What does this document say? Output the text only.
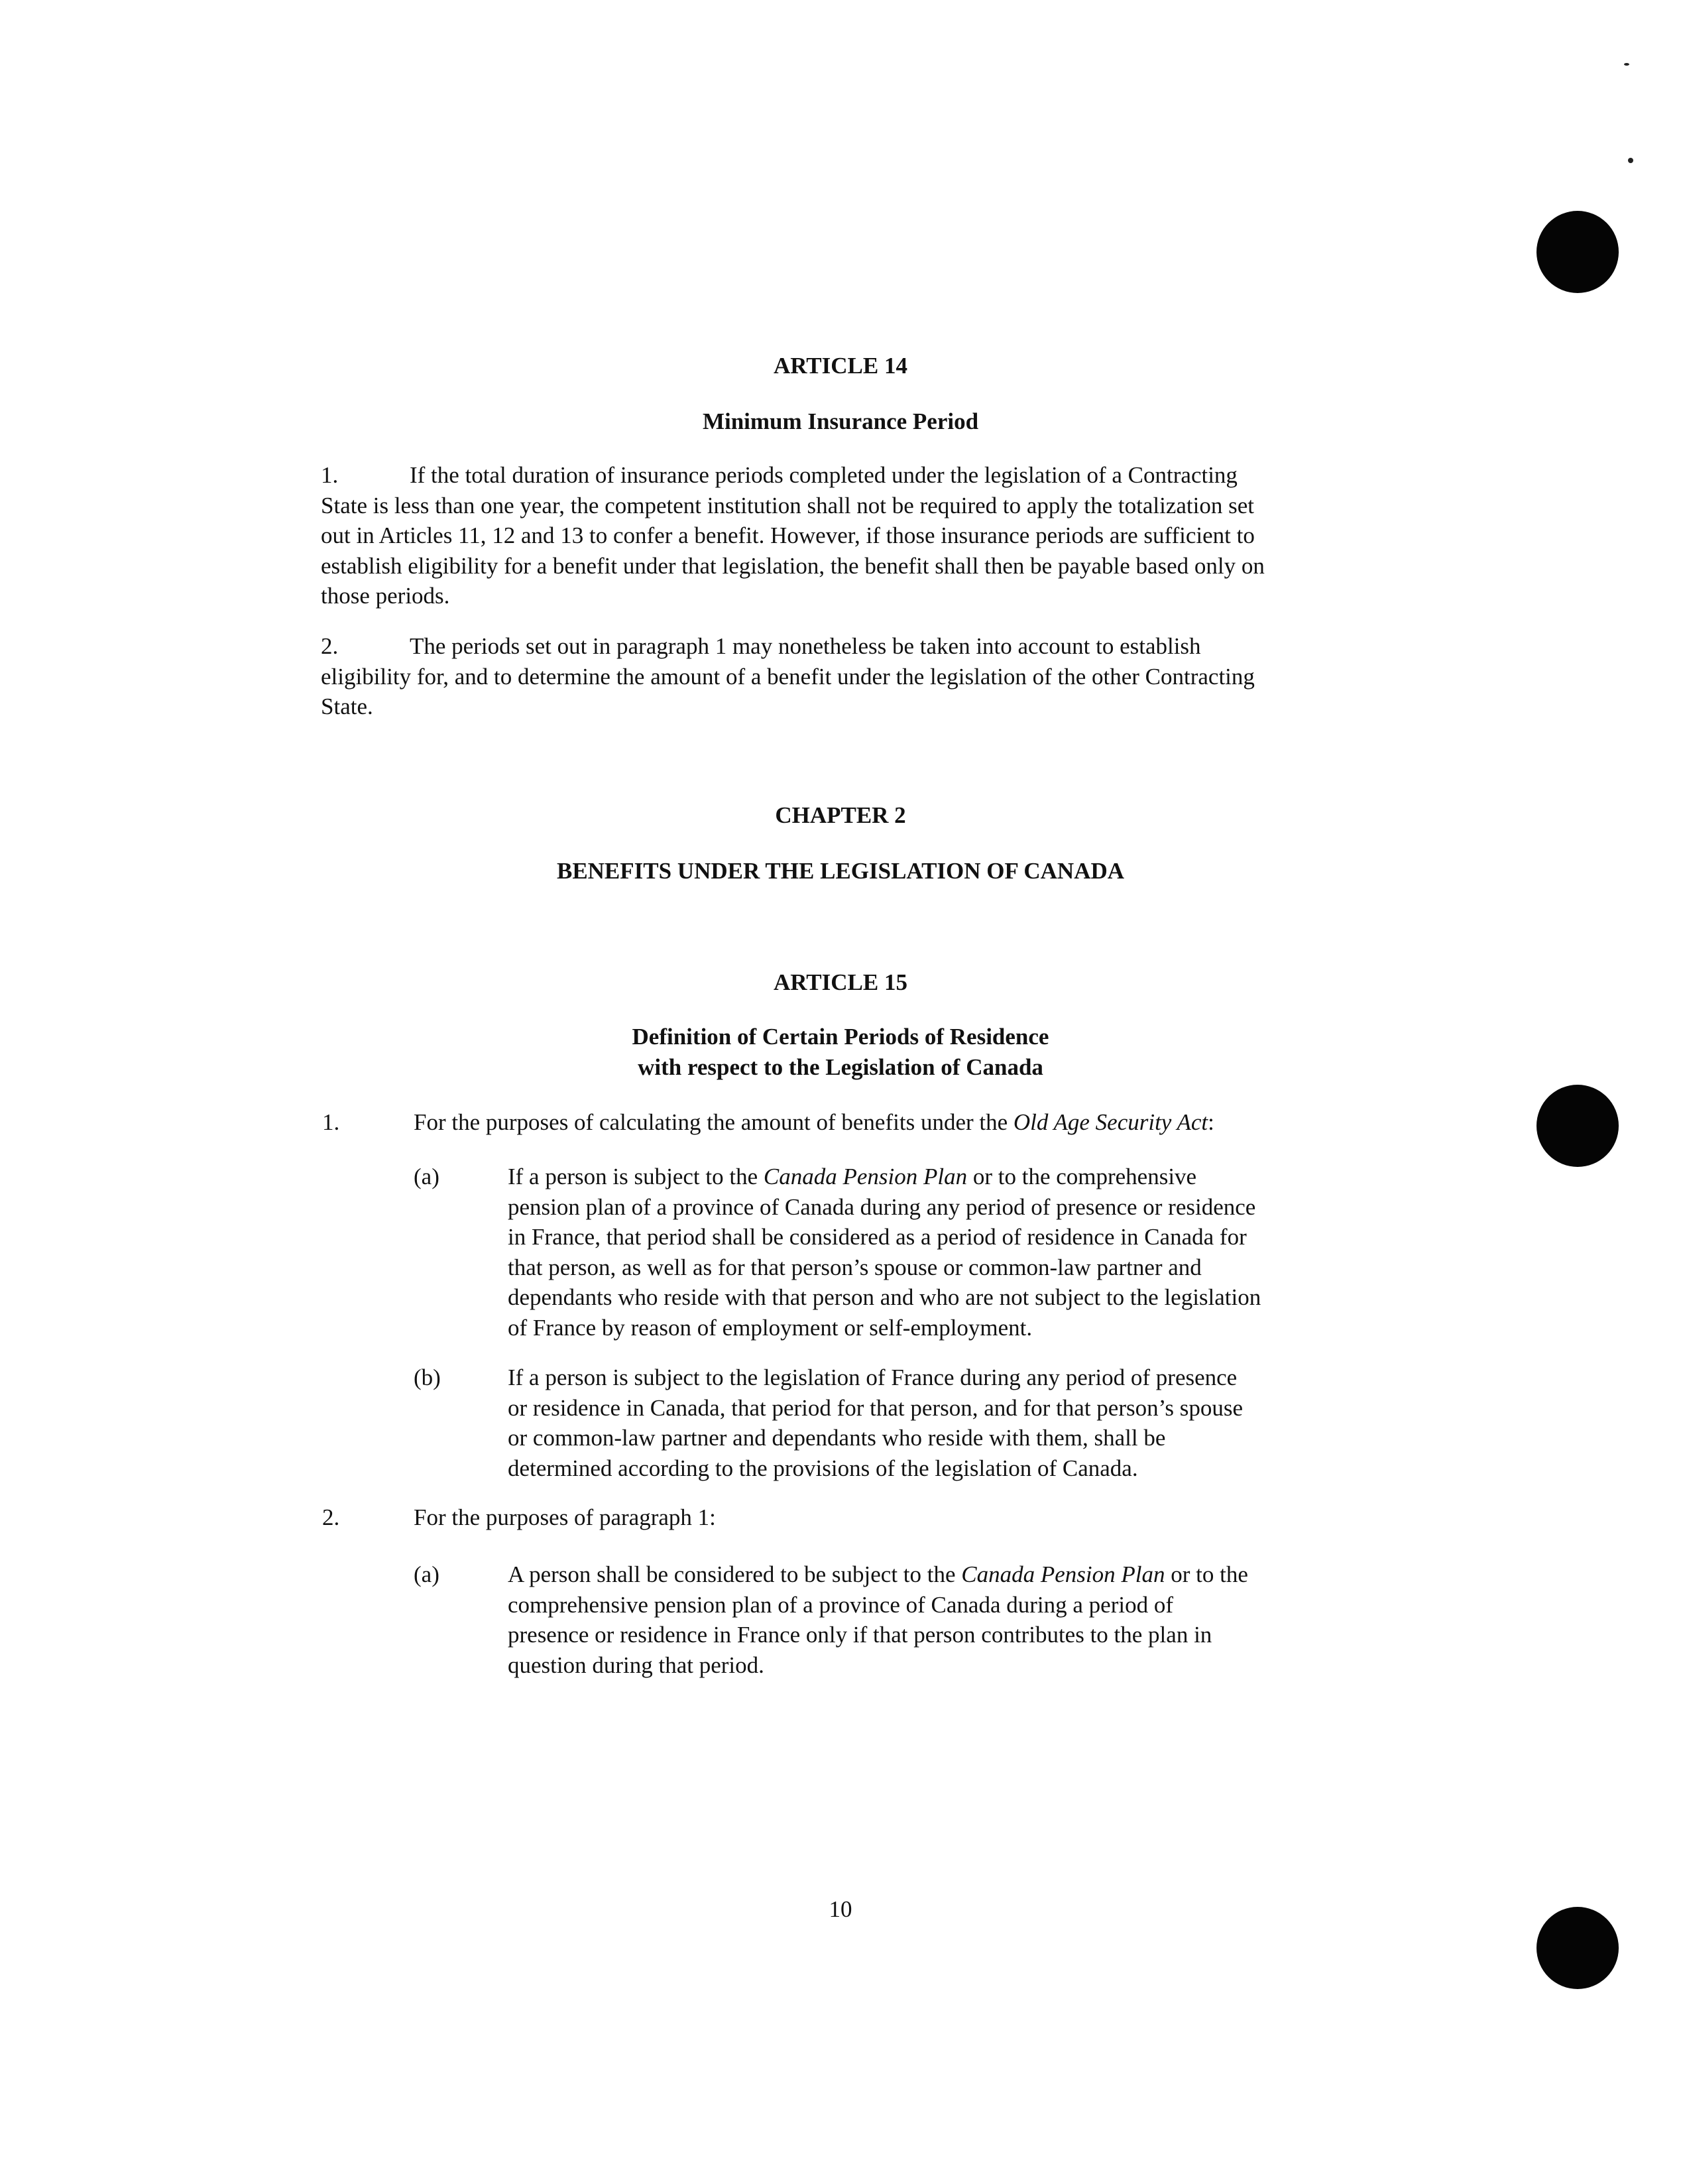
ARTICLE 14
Minimum Insurance Period
1.	If the total duration of insurance periods completed under the legislation of a Contracting
State is less than one year, the competent institution shall not be required to apply the totalization set
out in Articles 11, 12 and 13 to confer a benefit. However, if those insurance periods are sufficient to
establish eligibility for a benefit under that legislation, the benefit shall then be payable based only on
those periods.
2.	The periods set out in paragraph 1 may nonetheless be taken into account to establish
eligibility for, and to determine the amount of a benefit under the legislation of the other Contracting
State.
CHAPTER 2
BENEFITS UNDER THE LEGISLATION OF CANADA
ARTICLE 15
Definition of Certain Periods of Residence
with respect to the Legislation of Canada
1.	For the purposes of calculating the amount of benefits under the Old Age Security Act:
(a)	If a person is subject to the Canada Pension Plan or to the comprehensive
pension plan of a province of Canada during any period of presence or residence
in France, that period shall be considered as a period of residence in Canada for
that person, as well as for that person’s spouse or common-law partner and
dependants who reside with that person and who are not subject to the legislation
of France by reason of employment or self-employment.
(b)	If a person is subject to the legislation of France during any period of presence
or residence in Canada, that period for that person, and for that person’s spouse
or common-law partner and dependants who reside with them, shall be
determined according to the provisions of the legislation of Canada.
2.	For the purposes of paragraph 1:
(a)	A person shall be considered to be subject to the Canada Pension Plan or to the
comprehensive pension plan of a province of Canada during a period of
presence or residence in France only if that person contributes to the plan in
question during that period.
10
